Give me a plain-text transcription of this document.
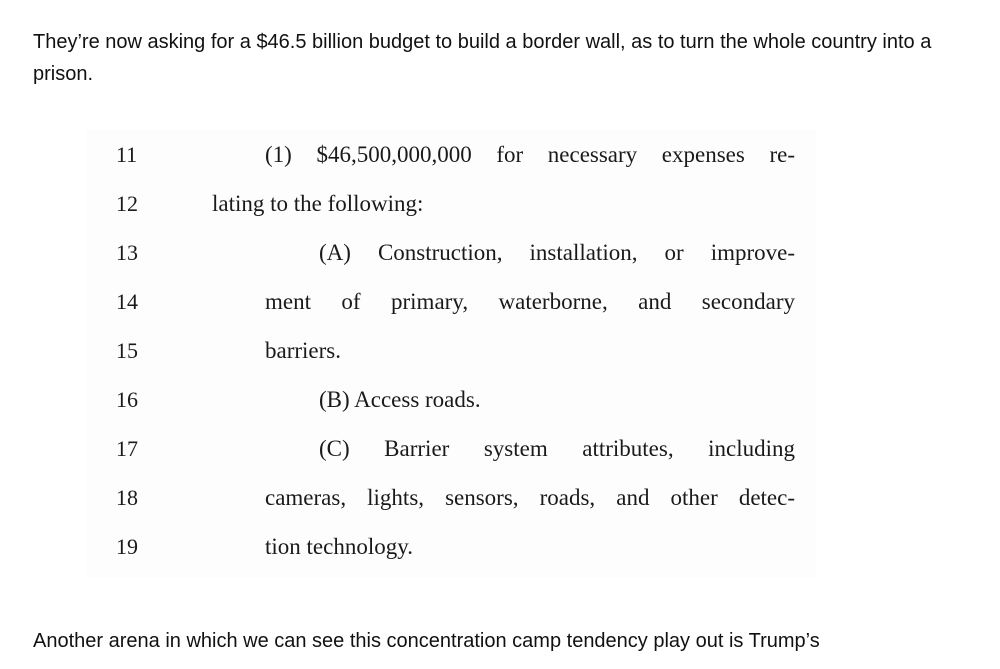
They’re now asking for a $46.5 billion budget to build a border wall, as to turn the whole country into a prison.

11	(1) $46,500,000,000 for necessary expenses re-
12	lating to the following:
13	(A) Construction, installation, or improve-
14	ment of primary, waterborne, and secondary
15	barriers.
16	(B) Access roads.
17	(C) Barrier system attributes, including
18	cameras, lights, sensors, roads, and other detec-
19	tion technology.

Another arena in which we can see this concentration camp tendency play out is Trump’s
